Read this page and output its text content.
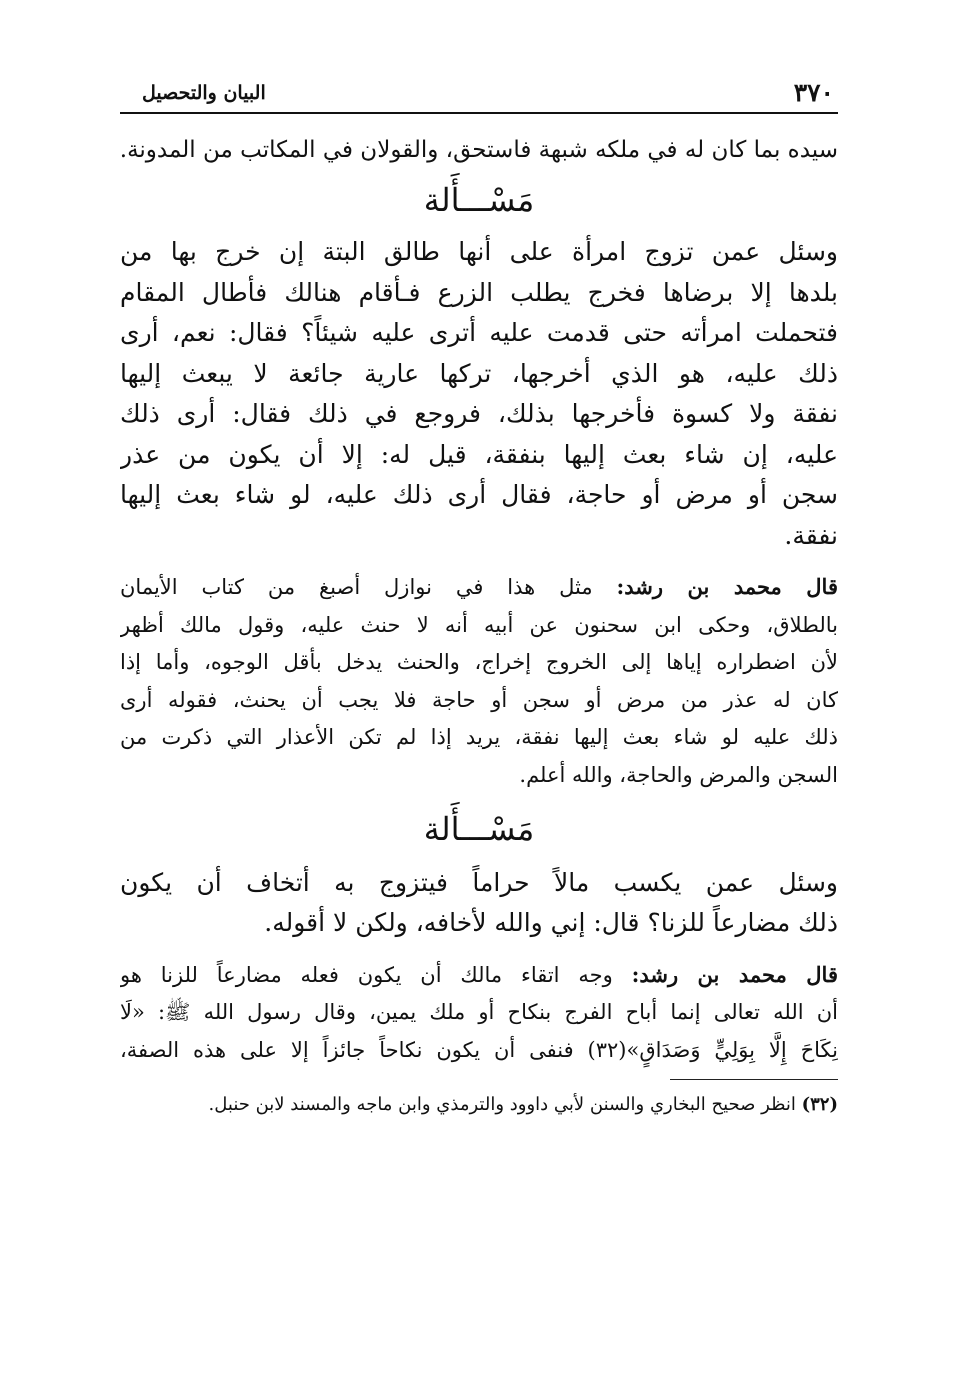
٣٧٠
البيان والتحصيل

سيده بما كان له في ملكه شبهة فاستحق، والقولان في المكاتب من المدونة.

مَسْـــأَلة

وسئل عمن تزوج امرأة على أنها طالق البتة إن خرج بها من

بلدها إلا برضاها فخرج يطلب الزرع فـأقام هنالك فأطال المقام

فتحملت امرأته حتى قدمت عليه أترى عليه شيئاً؟ فقال: نعم، أرى

ذلك عليه، هو الذي أخرجها، تركها عارية جائعة لا يبعث إليها

نفقة ولا كسوة فأخرجها بذلك، فروجع في ذلك فقال: أرى ذلك

عليه، إن شاء بعث إليها بنفقة، قيل له: إلا أن يكون من عذر

سجن أو مرض أو حاجة، فقال أرى ذلك عليه، لو شاء بعث إليها

نفقة.

قال محمد بن رشد: مثل هذا في نوازل أصبغ من كتاب الأيمان

بالطلاق، وحكى ابن سحنون عن أبيه أنه لا حنث عليه، وقول مالك أظهر

لأن اضطراره إياها إلى الخروج إخراج، والحنث يدخل بأقل الوجوه، وأما إذا

كان له عذر من مرض أو سجن أو حاجة فلا يجب أن يحنث، فقوله أرى

ذلك عليه لو شاء بعث إليها نفقة، يريد إذا لم تكن الأعذار التي ذكرت من

السجن والمرض والحاجة، والله أعلم.

مَسْـــأَلة

وسئل عمن يكسب مالاً حراماً فيتزوج به أتخاف أن يكون

ذلك مضارعاً للزنا؟ قال: إني والله لأخافه، ولكن لا أقوله.

قال محمد بن رشد: وجه اتقاء مالك أن يكون فعله مضارعاً للزنا هو

أن الله تعالى إنما أباح الفرج بنكاح أو ملك يمين، وقال رسول الله ﷺ: «لَا

نِكَاحَ إِلَّا بِوَلِيٍّ وَصَدَاقٍ»(٣٢) فنفى أن يكون نكاحاً جائزاً إلا على هذه الصفة،

(٣٢) انظر صحيح البخاري والسنن لأبي داوود والترمذي وابن ماجه والمسند لابن حنبل.
